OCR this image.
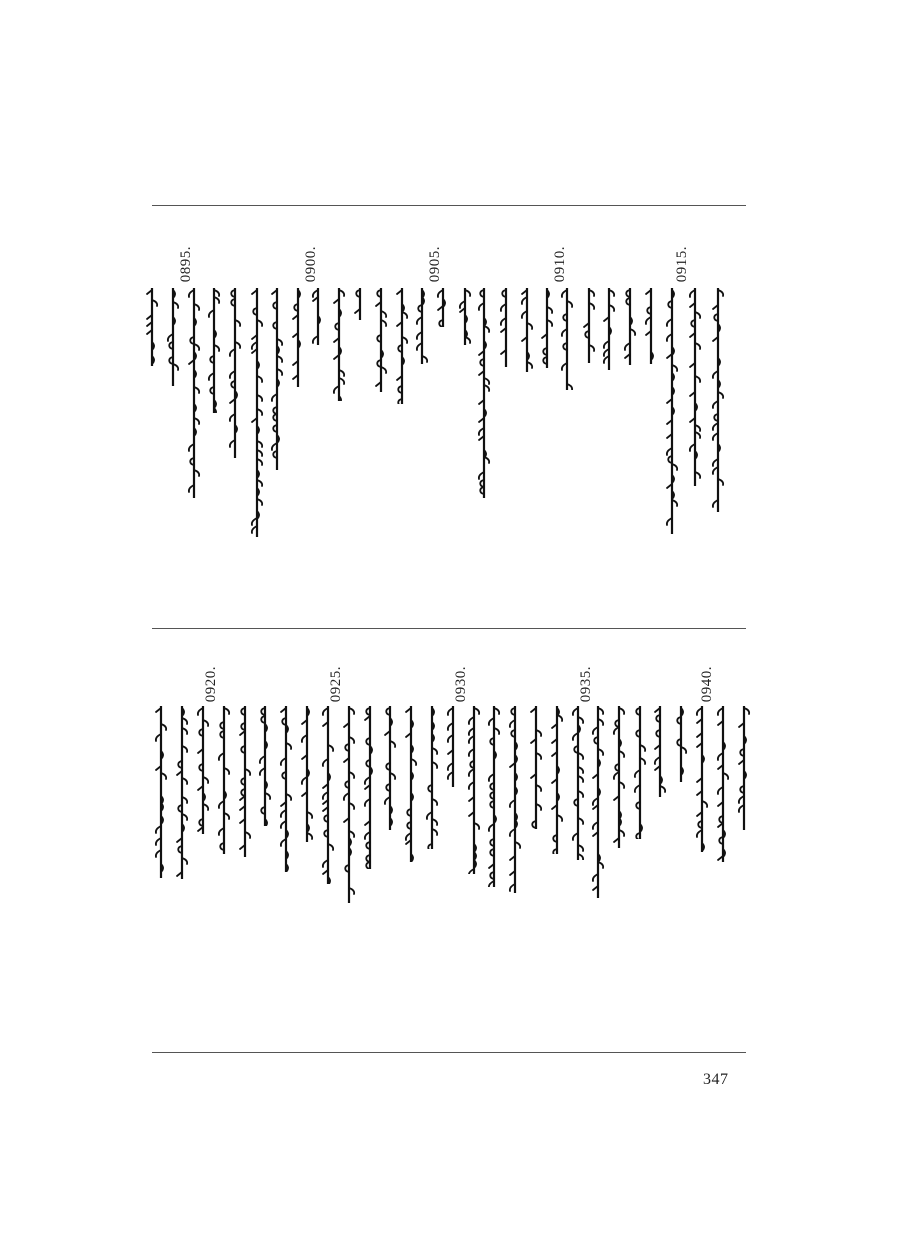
0915.
0910.
0905.
0900.
0895.
0940.
0935.
0930.
0925.
0920.
347
